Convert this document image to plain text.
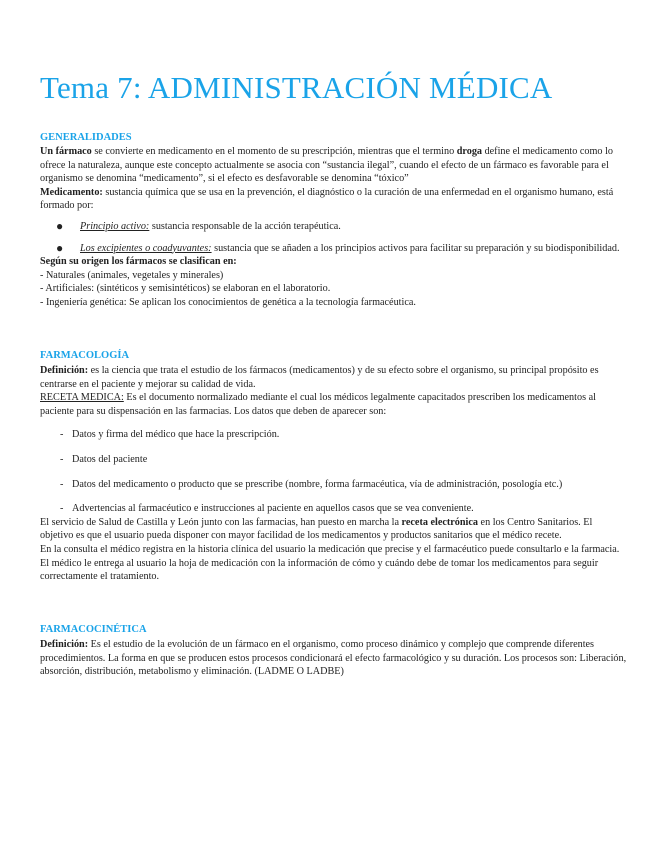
Tema 7: ADMINISTRACIÓN MÉDICA
GENERALIDADES

Un fármaco se convierte en medicamento en el momento de su prescripción, mientras que el termino droga define el medicamento como lo ofrece la naturaleza, aunque este concepto actualmente se asocia con “sustancia ilegal”, cuando el efecto de un fármaco es favorable para el organismo se denomina “medicamento”, si el efecto es desfavorable se denomina “tóxico”

Medicamento: sustancia química que se usa en la prevención, el diagnóstico o la curación de una enfermedad en el organismo humano, está formado por:

● Principio activo: sustancia responsable de la acción terapéutica.
● Los excipientes o coadyuvantes: sustancia que se añaden a los principios activos para facilitar su preparación y su biodisponibilidad.

Según su origen los fármacos se clasifican en:

- Naturales (animales, vegetales y minerales)

- Artificiales: (sintéticos y semisintéticos) se elaboran en el laboratorio.

- Ingeniería genética: Se aplican los conocimientos de genética a la tecnología farmacéutica.

FARMACOLOGÍA

Definición: es la ciencia que trata el estudio de los fármacos (medicamentos) y de su efecto sobre el organismo, su principal propósito es centrarse en el paciente y mejorar su calidad de vida.

RECETA MEDICA: Es el documento normalizado mediante el cual los médicos legalmente capacitados prescriben los medicamentos al paciente para su dispensación en las farmacias. Los datos que deben de aparecer son:

- Datos y firma del médico que hace la prescripción.
- Datos del paciente
- Datos del medicamento o producto que se prescribe (nombre, forma farmacéutica, vía de administración, posología etc.)
- Advertencias al farmacéutico e instrucciones al paciente en aquellos casos que se vea conveniente.

El servicio de Salud de Castilla y León junto con las farmacias, han puesto en marcha la receta electrónica en los Centro Sanitarios. El objetivo es que el usuario pueda disponer con mayor facilidad de los medicamentos y productos sanitarios que el médico recete.

En la consulta el médico registra en la historia clínica del usuario la medicación que precise y el farmacéutico puede consultarlo e la farmacia. El médico le entrega al usuario la hoja de medicación con la información de cómo y cuándo debe de tomar los medicamentos para seguir correctamente el tratamiento.

FARMACOCINÉTICA

Definición: Es el estudio de la evolución de un fármaco en el organismo, como proceso dinámico y complejo que comprende diferentes procedimientos. La forma en que se producen estos procesos condicionará el efecto farmacológico y su duración. Los procesos son: Liberación, absorción, distribución, metabolismo y eliminación. (LADME O LADBE)
